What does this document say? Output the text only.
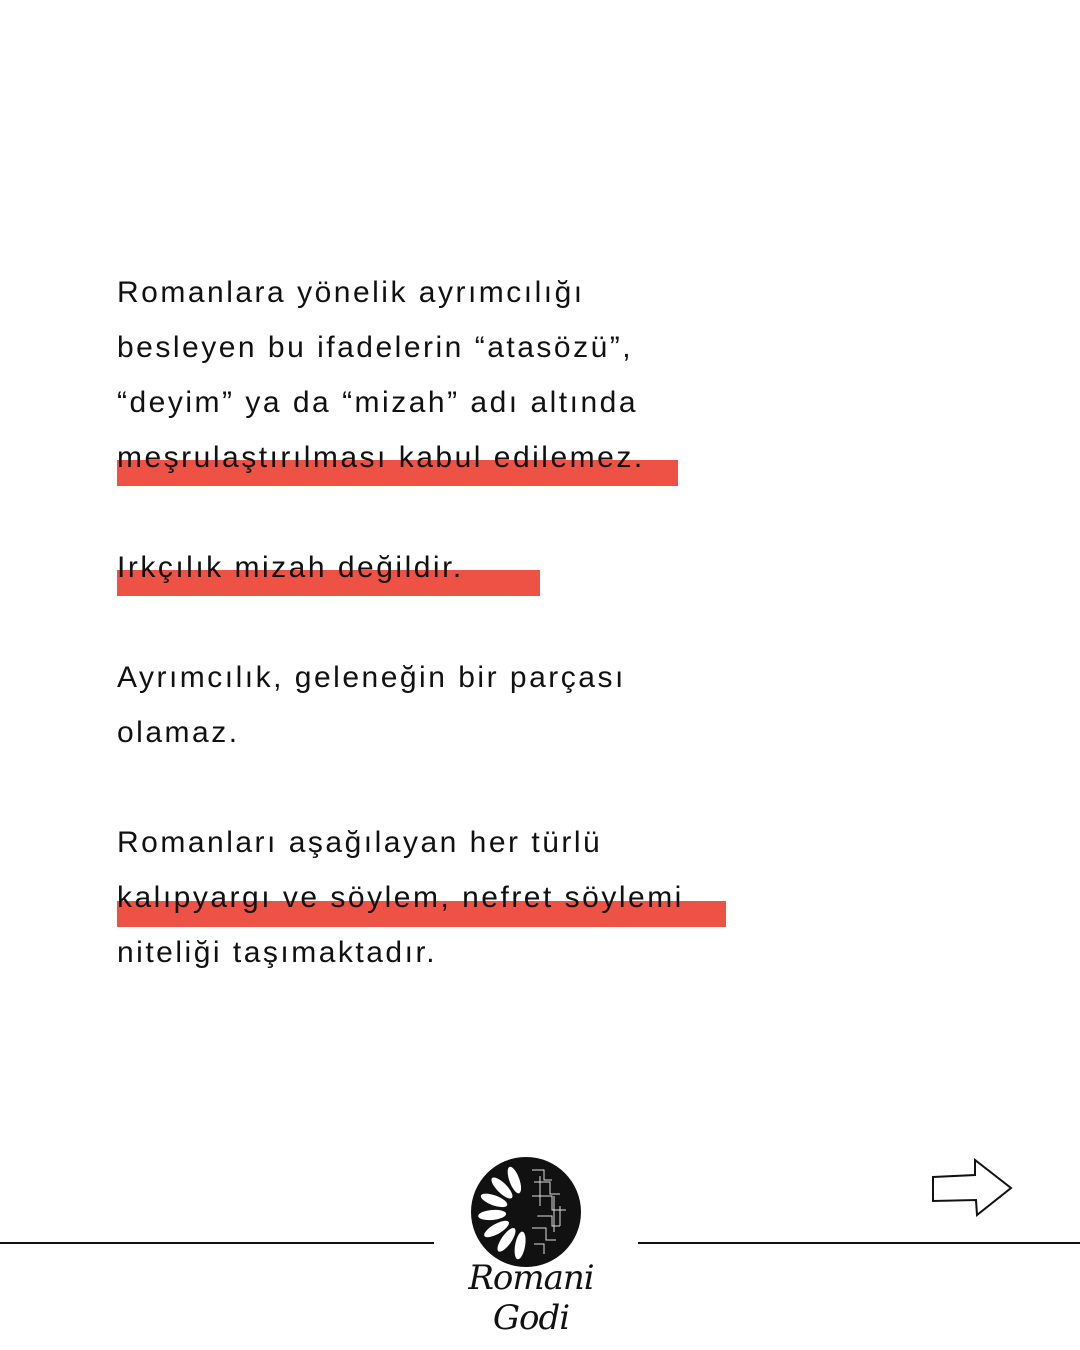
Romanlara yönelik ayrımcılığı
besleyen bu ifadelerin “atasözü”,
“deyim” ya da “mizah” adı altında
meşrulaştırılması kabul edilemez.
Irkçılık mizah değildir.
Ayrımcılık, geleneğin bir parçası
olamaz.
Romanları aşağılayan her türlü
kalıpyargı ve söylem, nefret söylemi
niteliği taşımaktadır.
Romani Godi
